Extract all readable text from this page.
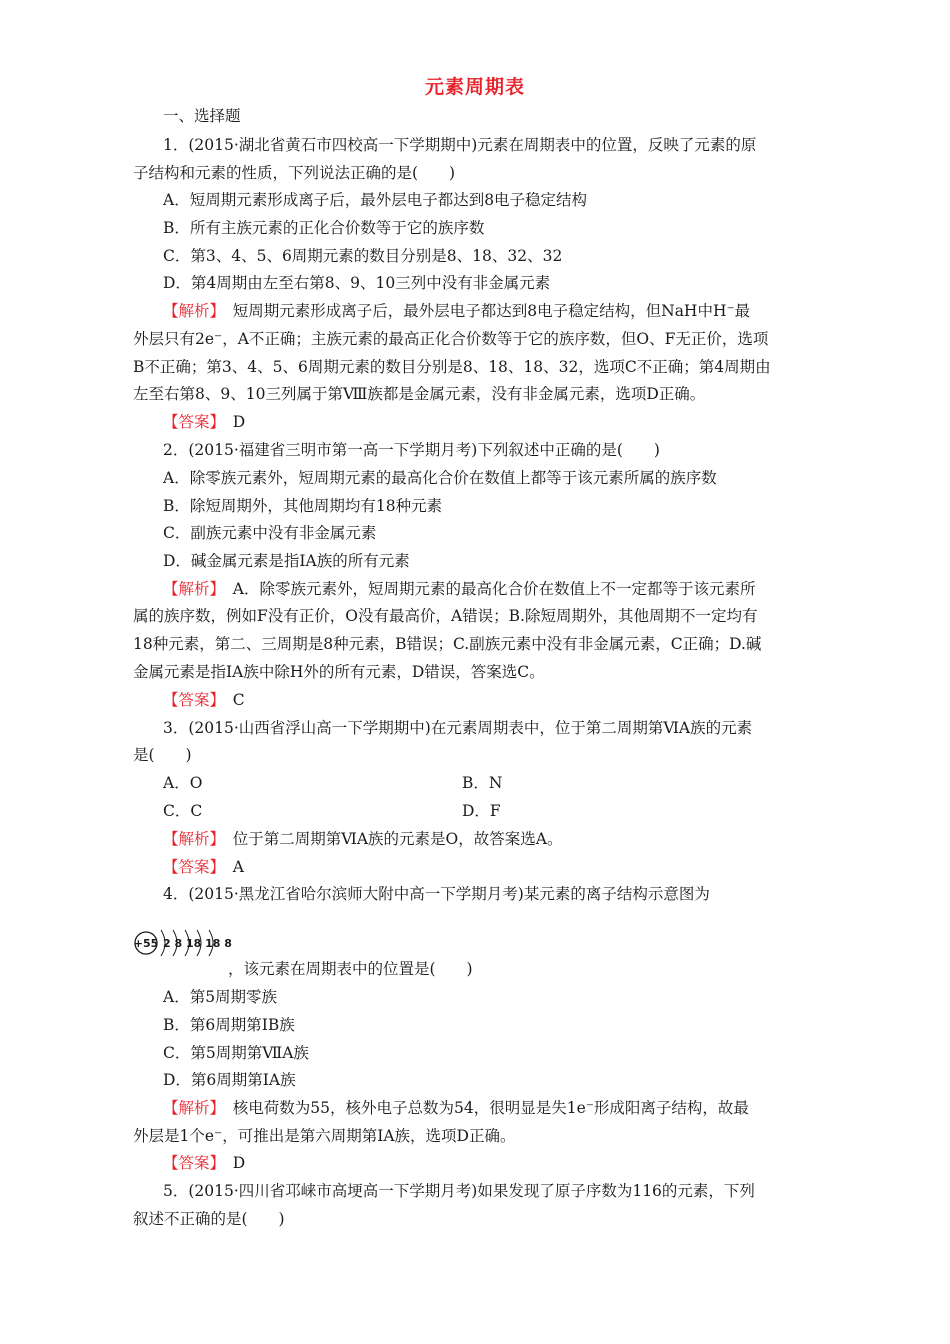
元素周期表
一、选择题
1．(2015·湖北省黄石市四校高一下学期期中)元素在周期表中的位置，反映了元素的原
子结构和元素的性质，下列说法正确的是(　　)
A．短周期元素形成离子后，最外层电子都达到8电子稳定结构
B．所有主族元素的正化合价数等于它的族序数
C．第3、4、5、6周期元素的数目分别是8、18、32、32
D．第4周期由左至右第8、9、10三列中没有非金属元素
【解析】　短周期元素形成离子后，最外层电子都达到8电子稳定结构，但NaH中H⁻最
外层只有2e⁻，A不正确；主族元素的最高正化合价数等于它的族序数，但O、F无正价，选项
B不正确；第3、4、5、6周期元素的数目分别是8、18、18、32，选项C不正确；第4周期由
左至右第8、9、10三列属于第Ⅷ族都是金属元素，没有非金属元素，选项D正确。
【答案】　D
2．(2015·福建省三明市第一高一下学期月考)下列叙述中正确的是(　　)
A．除零族元素外，短周期元素的最高化合价在数值上都等于该元素所属的族序数
B．除短周期外，其他周期均有18种元素
C．副族元素中没有非金属元素
D．碱金属元素是指ⅠA族的所有元素
【解析】　A．除零族元素外，短周期元素的最高化合价在数值上不一定都等于该元素所
属的族序数，例如F没有正价，O没有最高价，A错误；B.除短周期外，其他周期不一定均有
18种元素，第二、三周期是8种元素，B错误；C.副族元素中没有非金属元素，C正确；D.碱
金属元素是指ⅠA族中除H外的所有元素，D错误，答案选C。
【答案】　C
3．(2015·山西省浮山高一下学期期中)在元素周期表中，位于第二周期第ⅥA族的元素
是(　　)
A．O	B．N
C．C	D．F
【解析】　位于第二周期第ⅥA族的元素是O，故答案选A。
【答案】　A
4．(2015·黑龙江省哈尔滨师大附中高一下学期月考)某元素的离子结构示意图为
+55 2 8 18 18 8
，该元素在周期表中的位置是(　　)
A．第5周期零族
B．第6周期第ⅠB族
C．第5周期第ⅦA族
D．第6周期第ⅠA族
【解析】　核电荷数为55，核外电子总数为54，很明显是失1e⁻形成阳离子结构，故最
外层是1个e⁻，可推出是第六周期第ⅠA族，选项D正确。
【答案】　D
5．(2015·四川省邛崃市高埂高一下学期月考)如果发现了原子序数为116的元素，下列
叙述不正确的是(　　)
